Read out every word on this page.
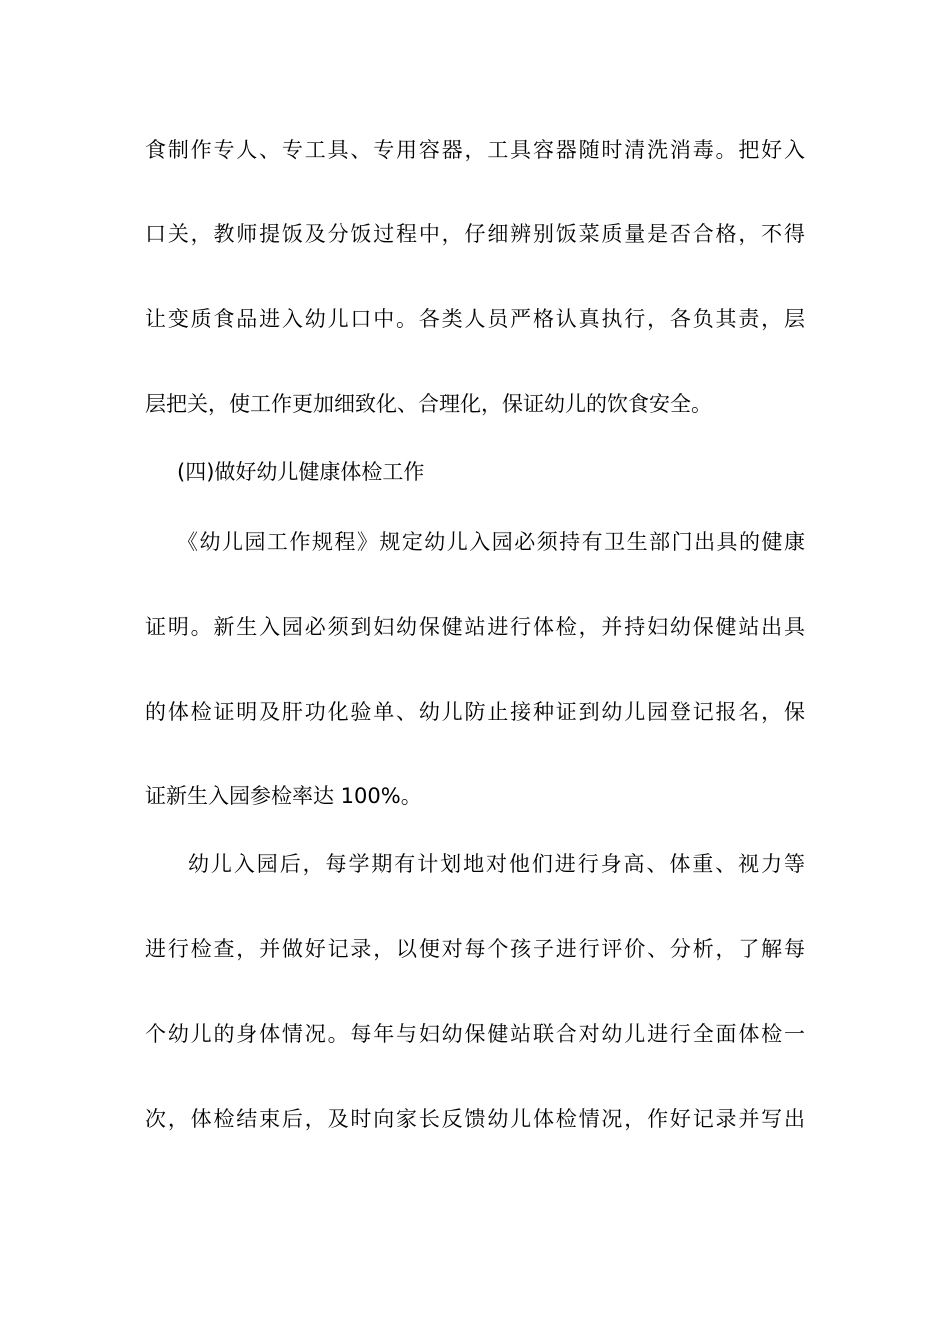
食制作专人、专工具、专用容器，工具容器随时清洗消毒。把好入
口关，教师提饭及分饭过程中，仔细辨别饭菜质量是否合格，不得
让变质食品进入幼儿口中。各类人员严格认真执行，各负其责，层
层把关，使工作更加细致化、合理化，保证幼儿的饮食安全。
(四)做好幼儿健康体检工作
《幼儿园工作规程》规定幼儿入园必须持有卫生部门出具的健康
证明。新生入园必须到妇幼保健站进行体检，并持妇幼保健站出具
的体检证明及肝功化验单、幼儿防止接种证到幼儿园登记报名，保
证新生入园参检率达 100%。
幼儿入园后，每学期有计划地对他们进行身高、体重、视力等
进行检查，并做好记录，以便对每个孩子进行评价、分析，了解每
个幼儿的身体情况。每年与妇幼保健站联合对幼儿进行全面体检一
次，体检结束后，及时向家长反馈幼儿体检情况，作好记录并写出
